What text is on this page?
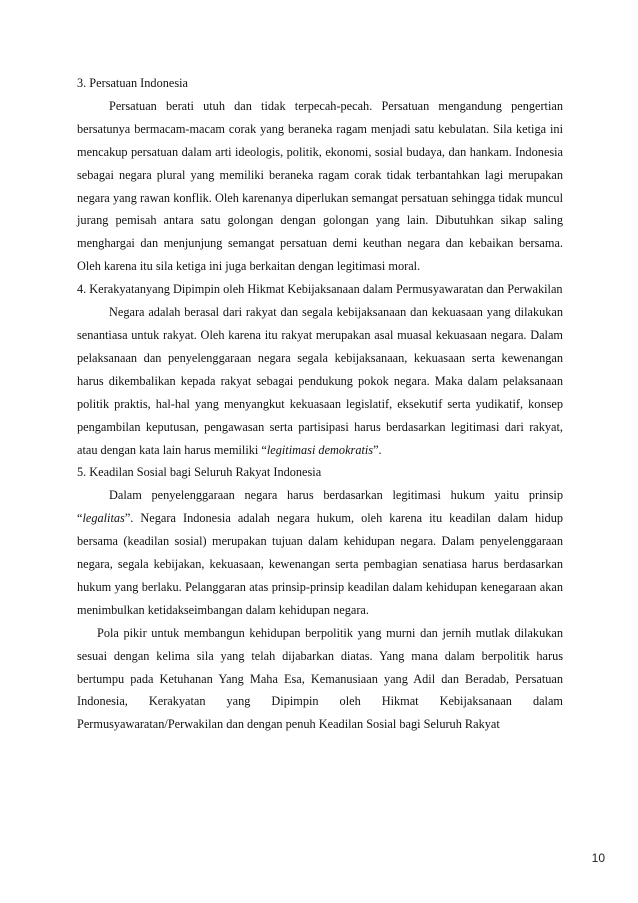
3. Persatuan Indonesia

Persatuan berati utuh dan tidak terpecah-pecah. Persatuan mengandung pengertian bersatunya bermacam-macam corak yang beraneka ragam menjadi satu kebulatan. Sila ketiga ini mencakup persatuan dalam arti ideologis, politik, ekonomi, sosial budaya, dan hankam. Indonesia sebagai negara plural yang memiliki beraneka ragam corak tidak terbantahkan lagi merupakan negara yang rawan konflik. Oleh karenanya diperlukan semangat persatuan sehingga tidak muncul jurang pemisah antara satu golongan dengan golongan yang lain. Dibutuhkan sikap saling menghargai dan menjunjung semangat persatuan demi keuthan negara dan kebaikan bersama. Oleh karena itu sila ketiga ini juga berkaitan dengan legitimasi moral.

4. Kerakyatanyang Dipimpin oleh Hikmat Kebijaksanaan dalam Permusyawaratan dan Perwakilan

Negara adalah berasal dari rakyat dan segala kebijaksanaan dan kekuasaan yang dilakukan senantiasa untuk rakyat. Oleh karena itu rakyat merupakan asal muasal kekuasaan negara. Dalam pelaksanaan dan penyelenggaraan negara segala kebijaksanaan, kekuasaan serta kewenangan harus dikembalikan kepada rakyat sebagai pendukung pokok negara. Maka dalam pelaksanaan politik praktis, hal-hal yang menyangkut kekuasaan legislatif, eksekutif serta yudikatif, konsep pengambilan keputusan, pengawasan serta partisipasi harus berdasarkan legitimasi dari rakyat, atau dengan kata lain harus memiliki “legitimasi demokratis”.

5. Keadilan Sosial bagi Seluruh Rakyat Indonesia

Dalam penyelenggaraan negara harus berdasarkan legitimasi hukum yaitu prinsip “legalitas”. Negara Indonesia adalah negara hukum, oleh karena itu keadilan dalam hidup bersama (keadilan sosial) merupakan tujuan dalam kehidupan negara. Dalam penyelenggaraan negara, segala kebijakan, kekuasaan, kewenangan serta pembagian senatiasa harus berdasarkan hukum yang berlaku. Pelanggaran atas prinsip-prinsip keadilan dalam kehidupan kenegaraan akan menimbulkan ketidakseimbangan dalam kehidupan negara.

Pola pikir untuk membangun kehidupan berpolitik yang murni dan jernih mutlak dilakukan sesuai dengan kelima sila yang telah dijabarkan diatas. Yang mana dalam berpolitik harus bertumpu pada Ketuhanan Yang Maha Esa, Kemanusiaan yang Adil dan Beradab, Persatuan Indonesia, Kerakyatan yang Dipimpin oleh Hikmat Kebijaksanaan dalam Permusyawaratan/Perwakilan dan dengan penuh Keadilan Sosial bagi Seluruh Rakyat

10
